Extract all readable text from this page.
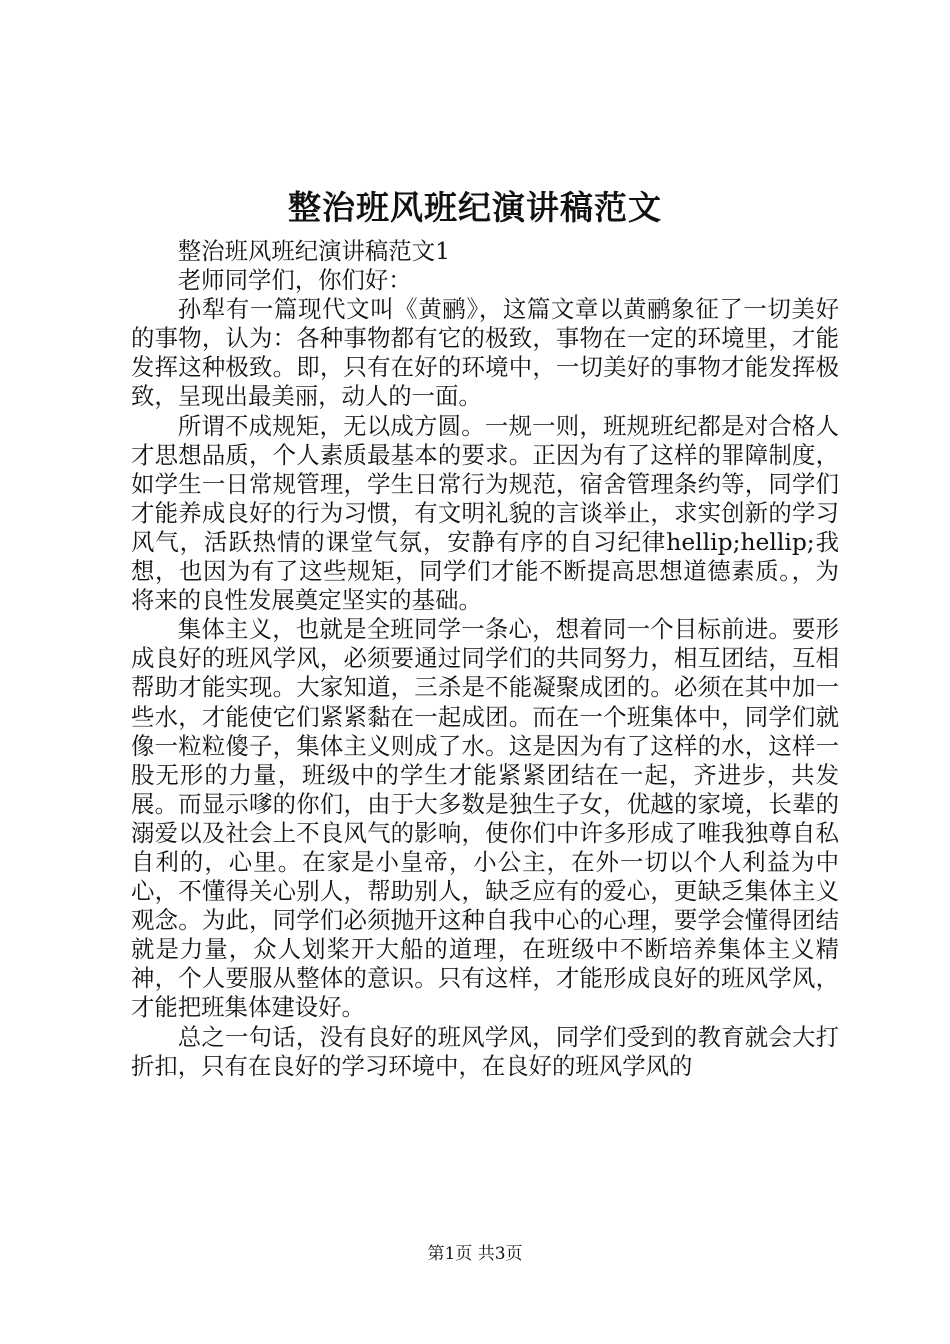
整治班风班纪演讲稿范文

整治班风班纪演讲稿范文1

老师同学们，你们好：

孙犁有一篇现代文叫《黄鹂》，这篇文章以黄鹂象征了一切美好的事物，认为：各种事物都有它的极致，事物在一定的环境里，才能发挥这种极致。即，只有在好的环境中，一切美好的事物才能发挥极致，呈现出最美丽，动人的一面。

所谓不成规矩，无以成方圆。一规一则，班规班纪都是对合格人才思想品质，个人素质最基本的要求。正因为有了这样的罪障制度，如学生一日常规管理，学生日常行为规范，宿舍管理条约等，同学们才能养成良好的行为习惯，有文明礼貌的言谈举止，求实创新的学习风气，活跃热情的课堂气氛，安静有序的自习纪律hellip;hellip;我想，也因为有了这些规矩，同学们才能不断提高思想道德素质。，为将来的良性发展奠定坚实的基础。

集体主义，也就是全班同学一条心，想着同一个目标前进。要形成良好的班风学风，必须要通过同学们的共同努力，相互团结，互相帮助才能实现。大家知道，三杀是不能凝聚成团的。必须在其中加一些水，才能使它们紧紧黏在一起成团。而在一个班集体中，同学们就像一粒粒傻子，集体主义则成了水。这是因为有了这样的水，这样一股无形的力量，班级中的学生才能紧紧团结在一起，齐进步，共发展。而显示嗲的你们，由于大多数是独生子女，优越的家境，长辈的溺爱以及社会上不良风气的影响，使你们中许多形成了唯我独尊自私自利的，心里。在家是小皇帝，小公主，在外一切以个人利益为中心，不懂得关心别人，帮助别人，缺乏应有的爱心，更缺乏集体主义观念。为此，同学们必须抛开这种自我中心的心理，要学会懂得团结就是力量，众人划桨开大船的道理，在班级中不断培养集体主义精神，个人要服从整体的意识。只有这样，才能形成良好的班风学风，才能把班集体建设好。

总之一句话，没有良好的班风学风，同学们受到的教育就会大打折扣，只有在良好的学习环境中，在良好的班风学风的

第1页 共3页
